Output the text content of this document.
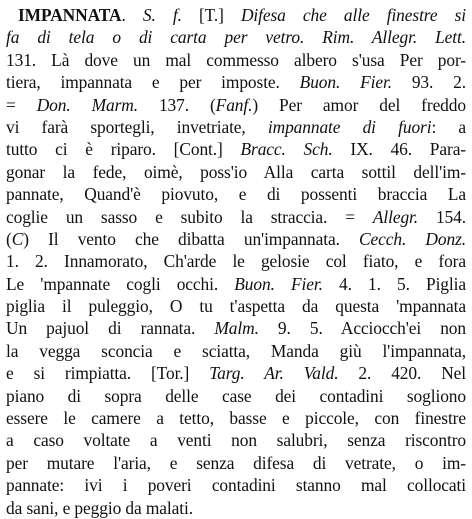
IMPANNATA. S. f. [T.] Difesa che alle finestre si
fa di tela o di carta per vetro. Rim. Allegr. Lett.
131. Là dove un mal commesso albero s'usa Per por-
tiera, impannata e per imposte. Buon. Fier. 93. 2.
= Don. Marm. 137. (Fanf.) Per amor del freddo
vi farà sportegli, invetriate, impannate di fuori: a
tutto ci è riparo. [Cont.] Bracc. Sch. IX. 46. Para-
gonar la fede, oimè, poss'io Alla carta sottil dell'im-
pannate, Quand'è piovuto, e di possenti braccia La
coglie un sasso e subito la straccia. = Allegr. 154.
(C) Il vento che dibatta un'impannata. Cecch. Donz.
1. 2. Innamorato, Ch'arde le gelosie col fiato, e fora
Le 'mpannate cogli occhi. Buon. Fier. 4. 1. 5. Piglia
piglia il puleggio, O tu t'aspetta da questa 'mpannata
Un pajuol di rannata. Malm. 9. 5. Acciocch'ei non
la vegga sconcia e sciatta, Manda giù l'impannata,
e si rimpiatta. [Tor.] Targ. Ar. Vald. 2. 420. Nel
piano di sopra delle case dei contadini sogliono
essere le camere a tetto, basse e piccole, con finestre
a caso voltate a venti non salubri, senza riscontro
per mutare l'aria, e senza difesa di vetrate, o im-
pannate: ivi i poveri contadini stanno mal collocati
da sani, e peggio da malati.
